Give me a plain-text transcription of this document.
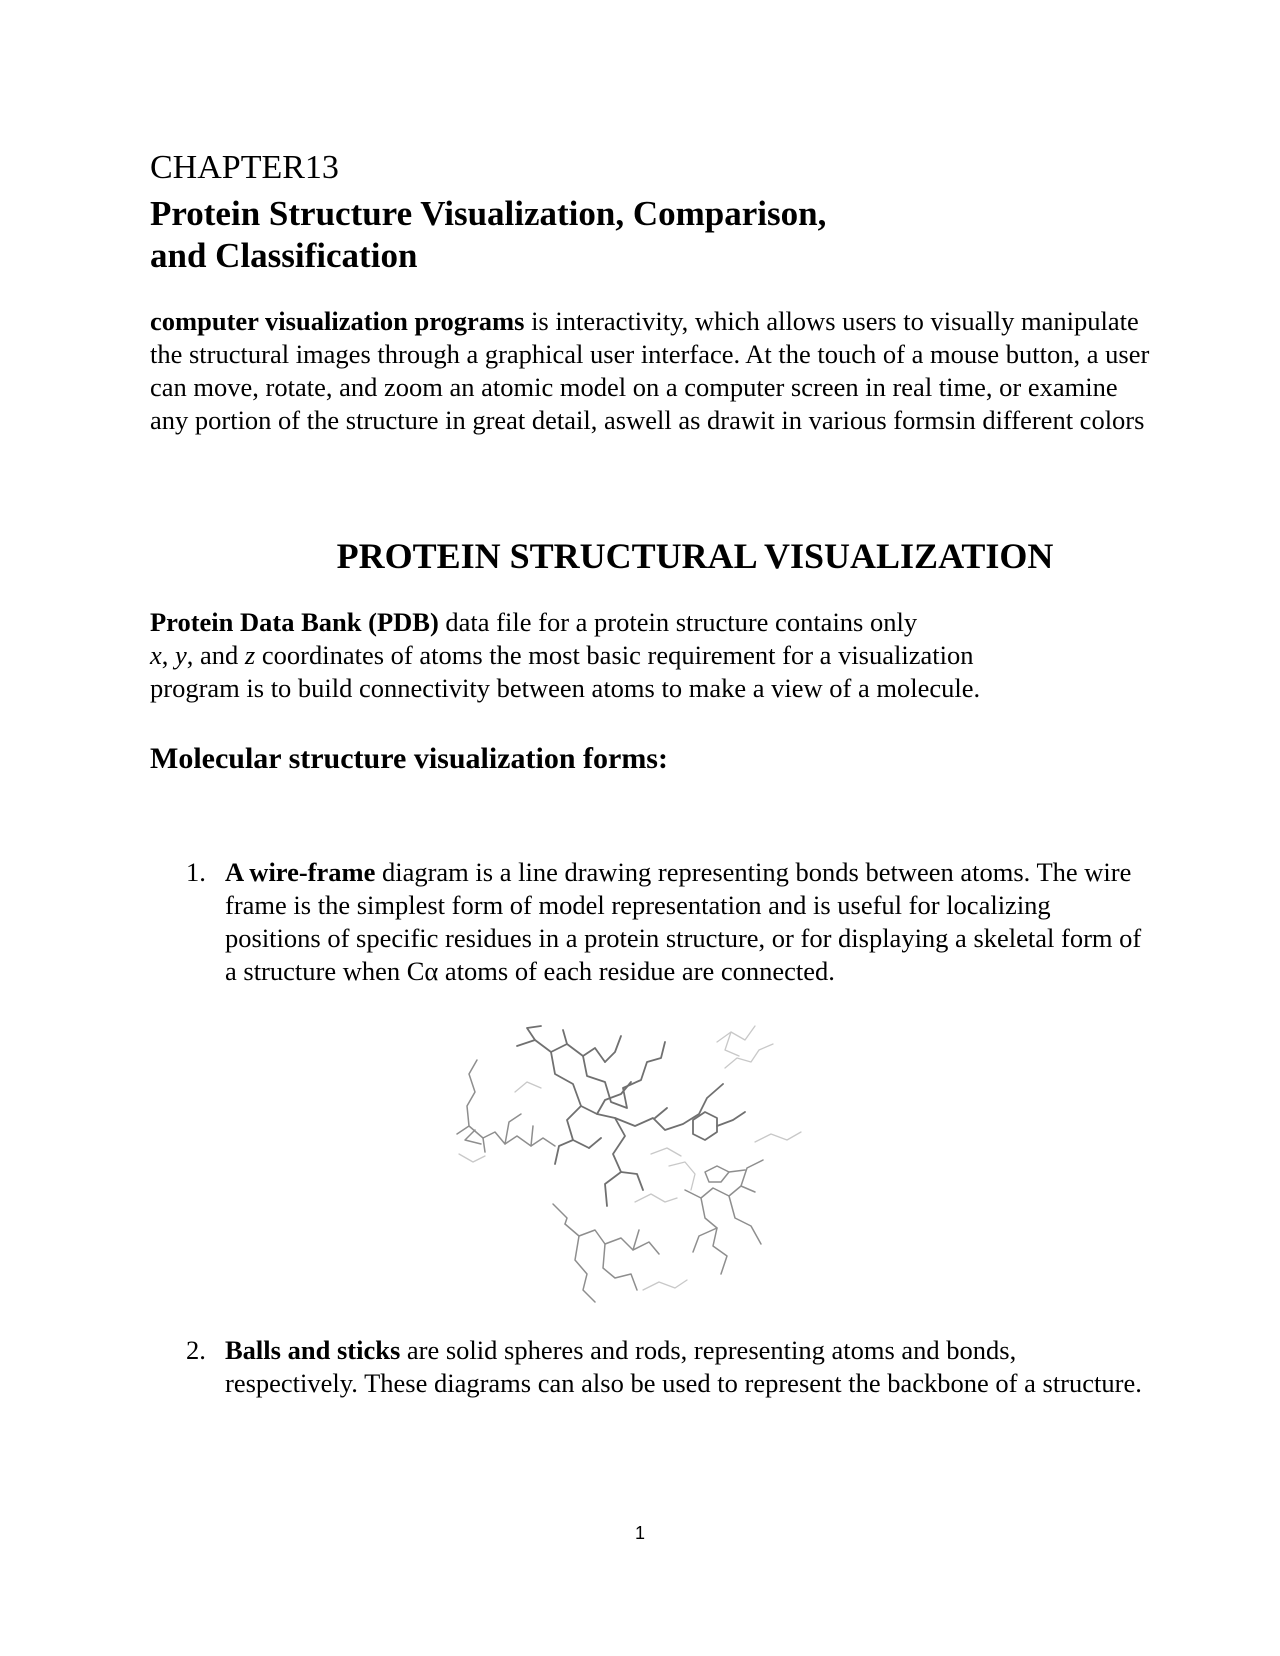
CHAPTER13
Protein Structure Visualization, Comparison,
and Classification

computer visualization programs is interactivity, which allows users to visually manipulate the structural images through a graphical user interface. At the touch of a mouse button, a user can move, rotate, and zoom an atomic model on a computer screen in real time, or examine any portion of the structure in great detail, aswell as drawit in various formsin different colors

PROTEIN STRUCTURAL VISUALIZATION

Protein Data Bank (PDB) data file for a protein structure contains only
x, y, and z coordinates of atoms the most basic requirement for a visualization
program is to build connectivity between atoms to make a view of a molecule.

Molecular structure visualization forms:
1. A wire-frame diagram is a line drawing representing bonds between atoms. The wire frame is the simplest form of model representation and is useful for localizing positions of specific residues in a protein structure, or for displaying a skeletal form of a structure when Cα atoms of each residue are connected.
2. Balls and sticks are solid spheres and rods, representing atoms and bonds, respectively. These diagrams can also be used to represent the backbone of a structure.
1
